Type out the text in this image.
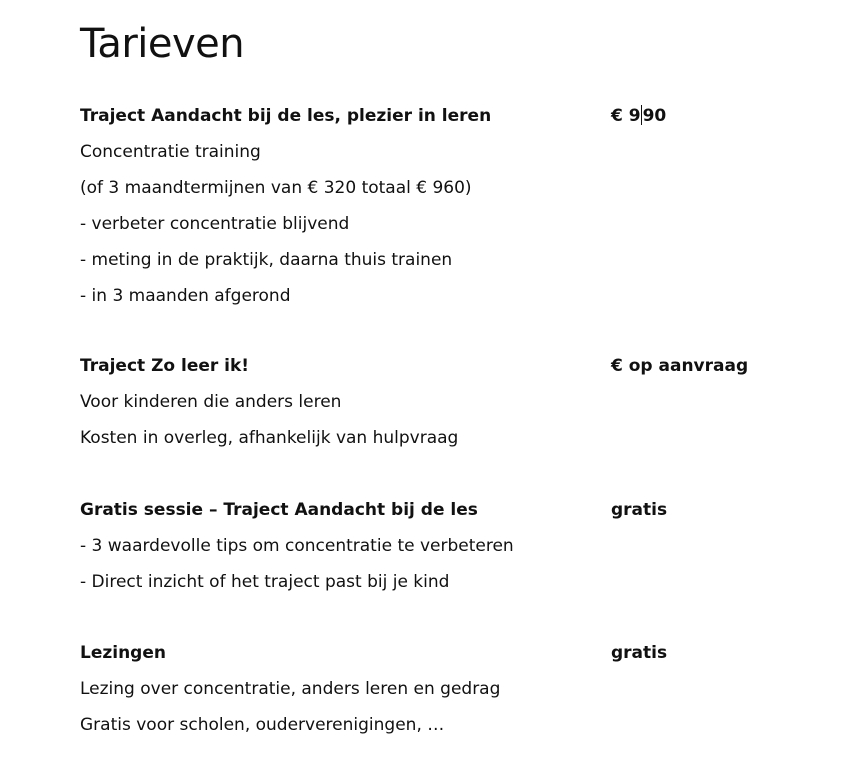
Tarieven
Traject Aandacht bij de les, plezier in leren	€ 9 90
Concentratie training
(of 3 maandtermijnen van € 320 totaal € 960)
- verbeter concentratie blijvend
- meting in de praktijk, daarna thuis trainen
- in 3 maanden afgerond
Traject Zo leer ik!	€ op aanvraag
Voor kinderen die anders leren
Kosten in overleg, afhankelijk van hulpvraag
Gratis sessie – Traject Aandacht bij de les	gratis
- 3 waardevolle tips om concentratie te verbeteren
- Direct inzicht of het traject past bij je kind
Lezingen	gratis
Lezing over concentratie, anders leren en gedrag
Gratis voor scholen, ouderverenigingen, …
